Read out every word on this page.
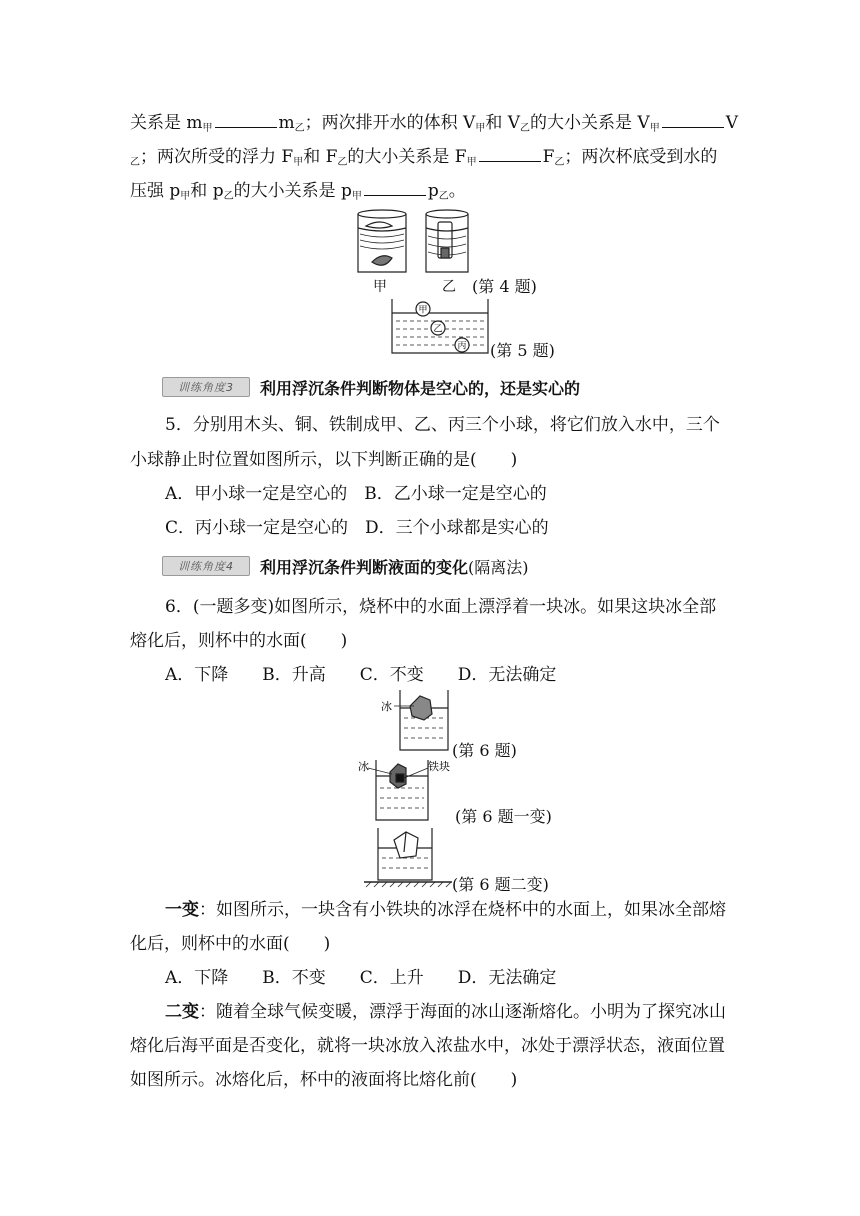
关系是 $m_甲$	$m_乙$；两次排开水的体积 $V_甲$和 $V_乙$的大小关系是 $V_甲$	V
$_乙$；两次所受的浮力 $F_甲$和 $F_乙$的大小关系是 $F_甲$	$F_乙$；两次杯底受到水的
压强 $p_甲$和 $p_乙$的大小关系是 $p_甲$	$p_乙$。
甲	乙 (第 4 题)
甲
乙
丙 (第 5 题)
训练角度3	利用浮沉条件判断物体是空心的，还是实心的
5．分别用木头、铜、铁制成甲、乙、丙三个小球，将它们放入水中，三个
小球静止时位置如图所示，以下判断正确的是(　　)
A．甲小球一定是空心的　B．乙小球一定是空心的
C．丙小球一定是空心的　D．三个小球都是实心的
训练角度4	利用浮沉条件判断液面的变化(隔离法)
6．(一题多变)如图所示，烧杯中的水面上漂浮着一块冰。如果这块冰全部
熔化后，则杯中的水面(　　)
A．下降　　B．升高　　C．不变　　D．无法确定
冰
(第 6 题)
冰	铁块
(第 6 题一变)
(第 6 题二变)
一变：如图所示，一块含有小铁块的冰浮在烧杯中的水面上，如果冰全部熔
化后，则杯中的水面(　　)
A．下降　　B．不变　　C．上升　　D．无法确定
二变：随着全球气候变暖，漂浮于海面的冰山逐渐熔化。小明为了探究冰山
熔化后海平面是否变化，就将一块冰放入浓盐水中，冰处于漂浮状态，液面位置
如图所示。冰熔化后，杯中的液面将比熔化前(　　)
